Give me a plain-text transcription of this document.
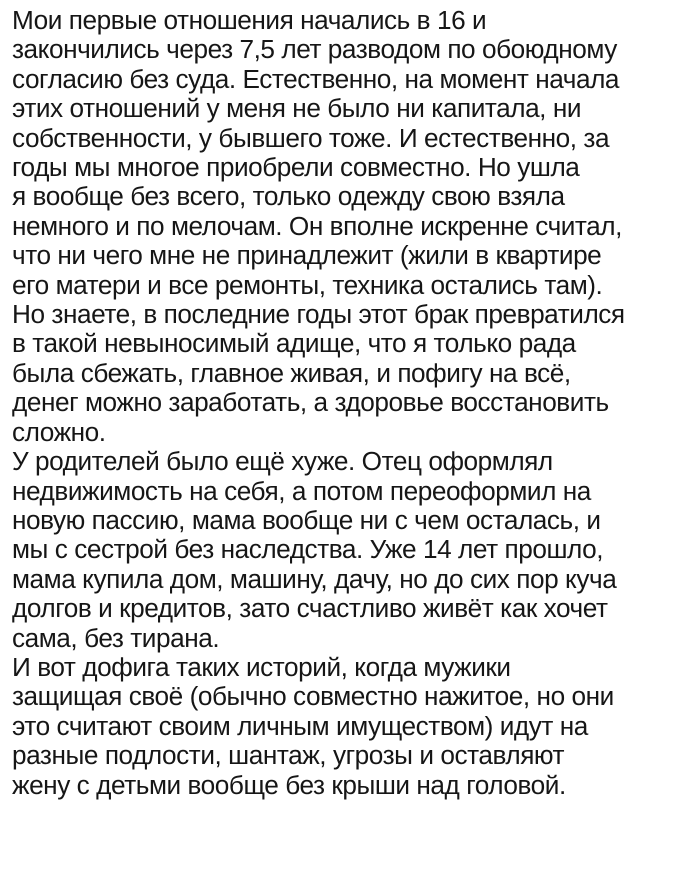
Мои первые отношения начались в 16 и
закончились через 7,5 лет разводом по обоюдному
согласию без суда. Естественно, на момент начала
этих отношений у меня не было ни капитала, ни
собственности, у бывшего тоже. И естественно, за
годы мы многое приобрели совместно. Но ушла
я вообще без всего, только одежду свою взяла
немного и по мелочам. Он вполне искренне считал,
что ни чего мне не принадлежит (жили в квартире
его матери и все ремонты, техника остались там).
Но знаете, в последние годы этот брак превратился
в такой невыносимый адище, что я только рада
была сбежать, главное живая, и пофигу на всё,
денег можно заработать, а здоровье восстановить
сложно.
У родителей было ещё хуже. Отец оформлял
недвижимость на себя, а потом переоформил на
новую пассию, мама вообще ни с чем осталась, и
мы с сестрой без наследства. Уже 14 лет прошло,
мама купила дом, машину, дачу, но до сих пор куча
долгов и кредитов, зато счастливо живёт как хочет
сама, без тирана.
И вот дофига таких историй, когда мужики
защищая своё (обычно совместно нажитое, но они
это считают своим личным имуществом) идут на
разные подлости, шантаж, угрозы и оставляют
жену с детьми вообще без крыши над головой.
